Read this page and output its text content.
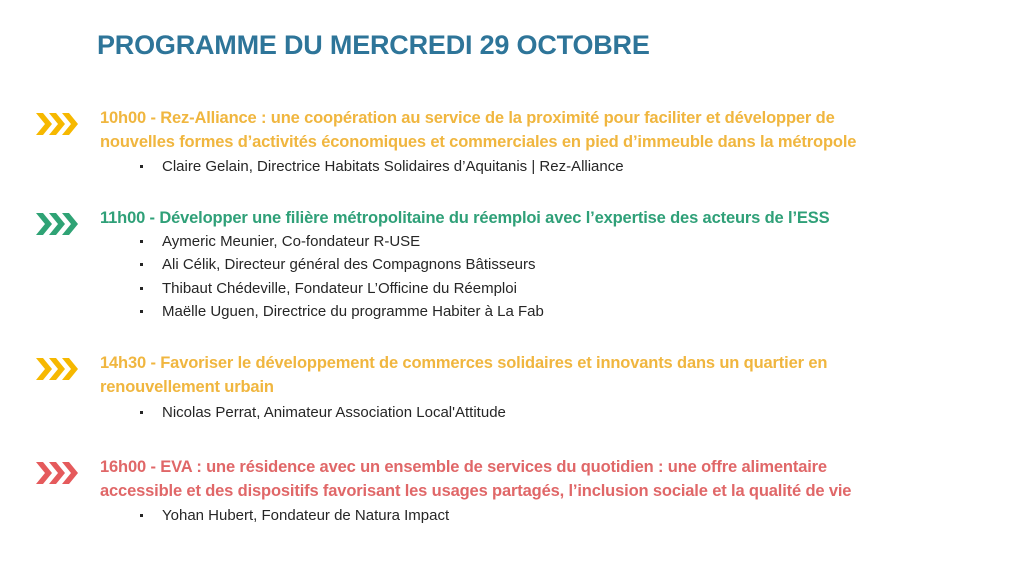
PROGRAMME DU MERCREDI 29 OCTOBRE
10h00 - Rez-Alliance : une coopération au service de la proximité pour faciliter et développer de
nouvelles formes d’activités économiques et commerciales en pied d’immeuble dans la métropole
Claire Gelain, Directrice Habitats Solidaires d’Aquitanis | Rez-Alliance
11h00 - Développer une filière métropolitaine du réemploi avec l’expertise des acteurs de l’ESS
Aymeric Meunier, Co-fondateur R-USE
Ali Célik, Directeur général des Compagnons Bâtisseurs
Thibaut Chédeville, Fondateur L’Officine du Réemploi
Maëlle Uguen, Directrice du programme Habiter à La Fab
14h30 - Favoriser le développement de commerces solidaires et innovants dans un quartier en
renouvellement urbain
Nicolas Perrat, Animateur Association Local'Attitude
16h00 - EVA : une résidence avec un ensemble de services du quotidien : une offre alimentaire
accessible et des dispositifs favorisant les usages partagés, l’inclusion sociale et la qualité de vie
Yohan Hubert, Fondateur de Natura Impact
